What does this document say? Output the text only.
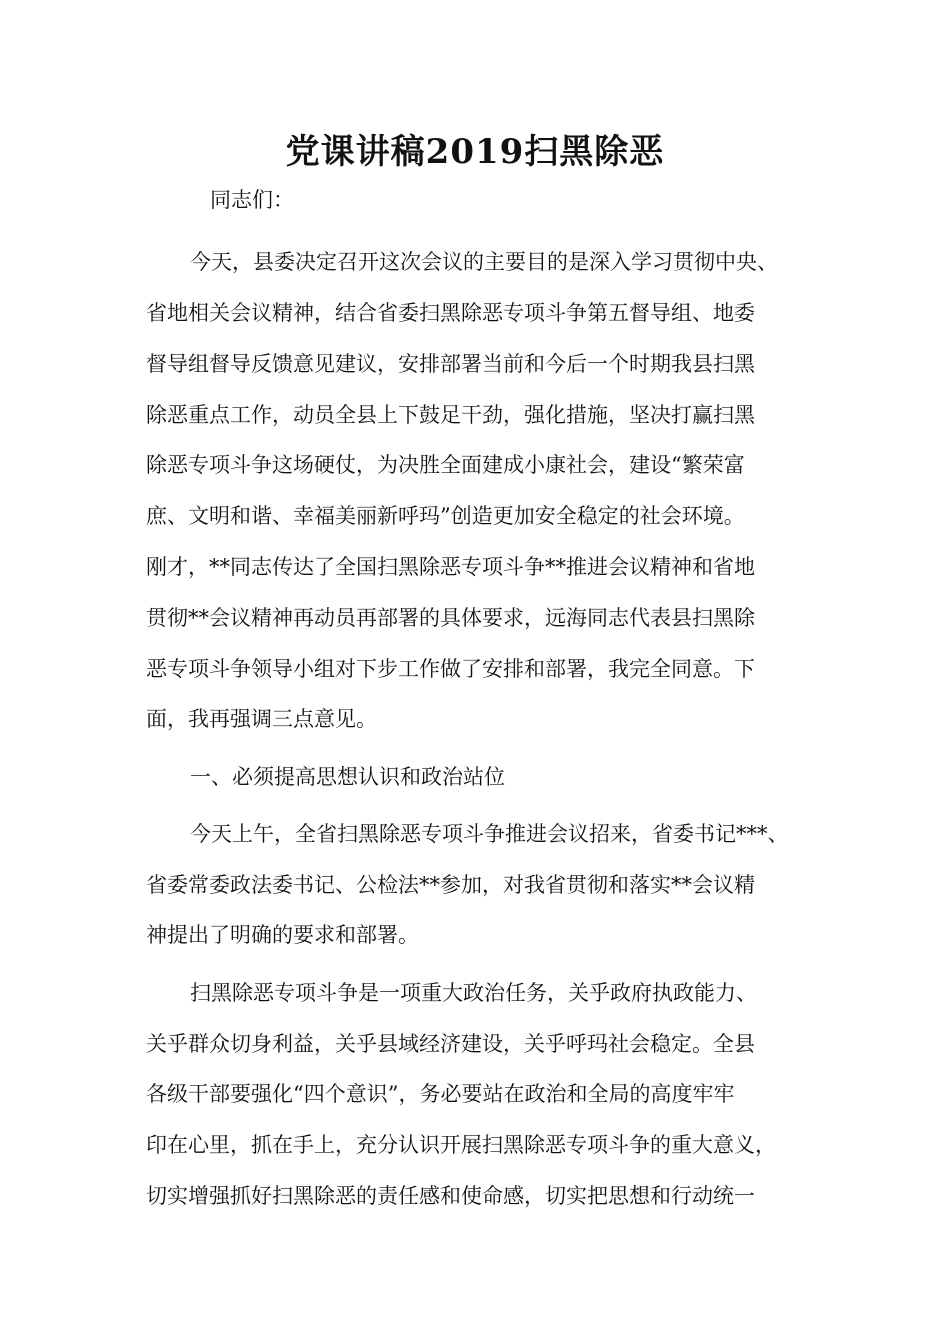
党课讲稿2019扫黑除恶

同志们：

今天，县委决定召开这次会议的主要目的是深入学习贯彻中央、

省地相关会议精神，结合省委扫黑除恶专项斗争第五督导组、地委

督导组督导反馈意见建议，安排部署当前和今后一个时期我县扫黑

除恶重点工作，动员全县上下鼓足干劲，强化措施，坚决打赢扫黑

除恶专项斗争这场硬仗，为决胜全面建成小康社会，建设“繁荣富

庶、文明和谐、幸福美丽新呼玛”创造更加安全稳定的社会环境。

刚才，**同志传达了全国扫黑除恶专项斗争**推进会议精神和省地

贯彻**会议精神再动员再部署的具体要求，远海同志代表县扫黑除

恶专项斗争领导小组对下步工作做了安排和部署，我完全同意。下

面，我再强调三点意见。

一、必须提高思想认识和政治站位

今天上午，全省扫黑除恶专项斗争推进会议招来，省委书记***、

省委常委政法委书记、公检法**参加，对我省贯彻和落实**会议精

神提出了明确的要求和部署。

扫黑除恶专项斗争是一项重大政治任务，关乎政府执政能力、

关乎群众切身利益，关乎县域经济建设，关乎呼玛社会稳定。全县

各级干部要强化“四个意识”，务必要站在政治和全局的高度牢牢

印在心里，抓在手上，充分认识开展扫黑除恶专项斗争的重大意义，

切实增强抓好扫黑除恶的责任感和使命感，切实把思想和行动统一
